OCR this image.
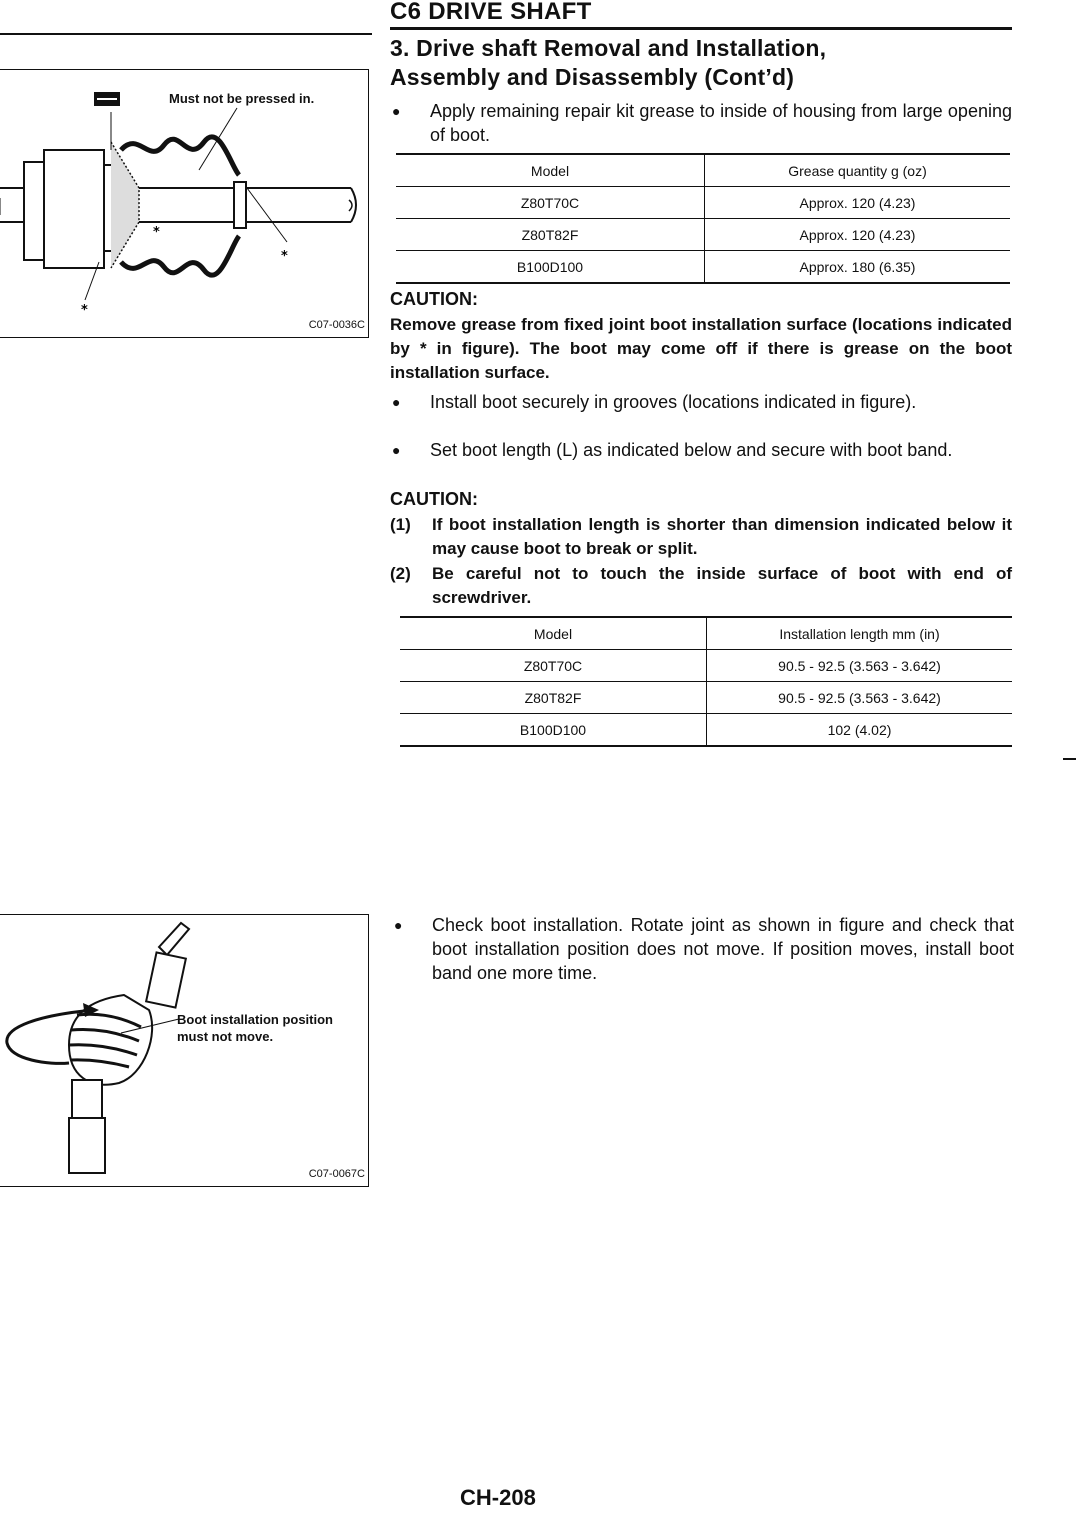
C6 DRIVE SHAFT
3. Drive shaft Removal and Installation,
Assembly and Disassembly (Cont’d)
● Apply remaining repair kit grease to inside of housing from large opening of boot.
Model	Grease quantity g (oz)
Z80T70C	Approx. 120 (4.23)
Z80T82F	Approx. 120 (4.23)
B100D100	Approx. 180 (6.35)
CAUTION:
Remove grease from fixed joint boot installation surface (locations indicated by * in figure). The boot may come off if there is grease on the boot installation surface.
● Install boot securely in grooves (locations indicated in figure).
● Set boot length (L) as indicated below and secure with boot band.
CAUTION:
(1) If boot installation length is shorter than dimension indicated below it may cause boot to break or split.
(2) Be careful not to touch the inside surface of boot with end of screwdriver.
Model	Installation length mm (in)
Z80T70C	90.5 - 92.5 (3.563 - 3.642)
Z80T82F	90.5 - 92.5 (3.563 - 3.642)
B100D100	102 (4.02)
● Check boot installation. Rotate joint as shown in figure and check that boot installation position does not move. If position moves, install boot band one more time.
*
*
*
Must not be pressed in.
C07-0036C
Boot installation position
must not move.
C07-0067C
CH-208
